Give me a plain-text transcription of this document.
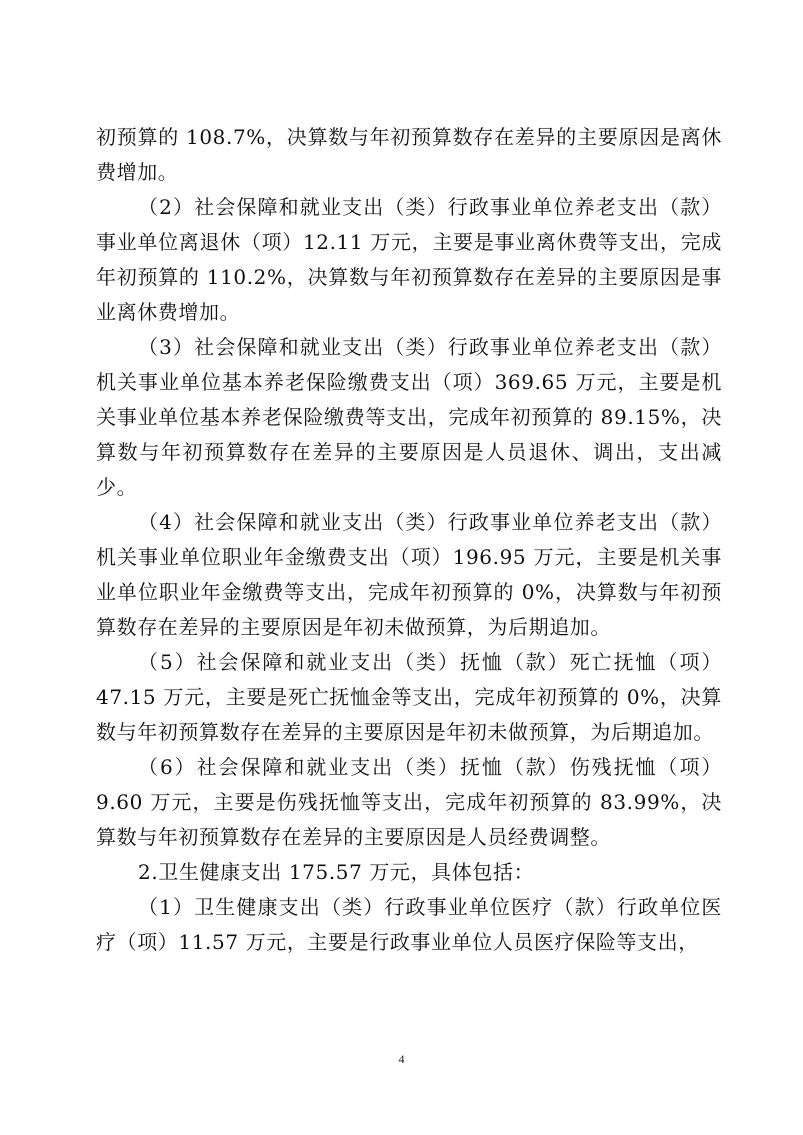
初预算的 108.7%，决算数与年初预算数存在差异的主要原因是离休费增加。

（2）社会保障和就业支出（类）行政事业单位养老支出（款）事业单位离退休（项）12.11 万元，主要是事业离休费等支出，完成年初预算的 110.2%，决算数与年初预算数存在差异的主要原因是事业离休费增加。

（3）社会保障和就业支出（类）行政事业单位养老支出（款）机关事业单位基本养老保险缴费支出（项）369.65 万元，主要是机关事业单位基本养老保险缴费等支出，完成年初预算的 89.15%，决算数与年初预算数存在差异的主要原因是人员退休、调出，支出减少。

（4）社会保障和就业支出（类）行政事业单位养老支出（款）机关事业单位职业年金缴费支出（项）196.95 万元，主要是机关事业单位职业年金缴费等支出，完成年初预算的 0%，决算数与年初预算数存在差异的主要原因是年初未做预算，为后期追加。

（5）社会保障和就业支出（类）抚恤（款）死亡抚恤（项）47.15 万元，主要是死亡抚恤金等支出，完成年初预算的 0%，决算数与年初预算数存在差异的主要原因是年初未做预算，为后期追加。

（6）社会保障和就业支出（类）抚恤（款）伤残抚恤（项）9.60 万元，主要是伤残抚恤等支出，完成年初预算的 83.99%，决算数与年初预算数存在差异的主要原因是人员经费调整。

2.卫生健康支出 175.57 万元，具体包括：

（1）卫生健康支出（类）行政事业单位医疗（款）行政单位医疗（项）11.57 万元，主要是行政事业单位人员医疗保险等支出，

4
